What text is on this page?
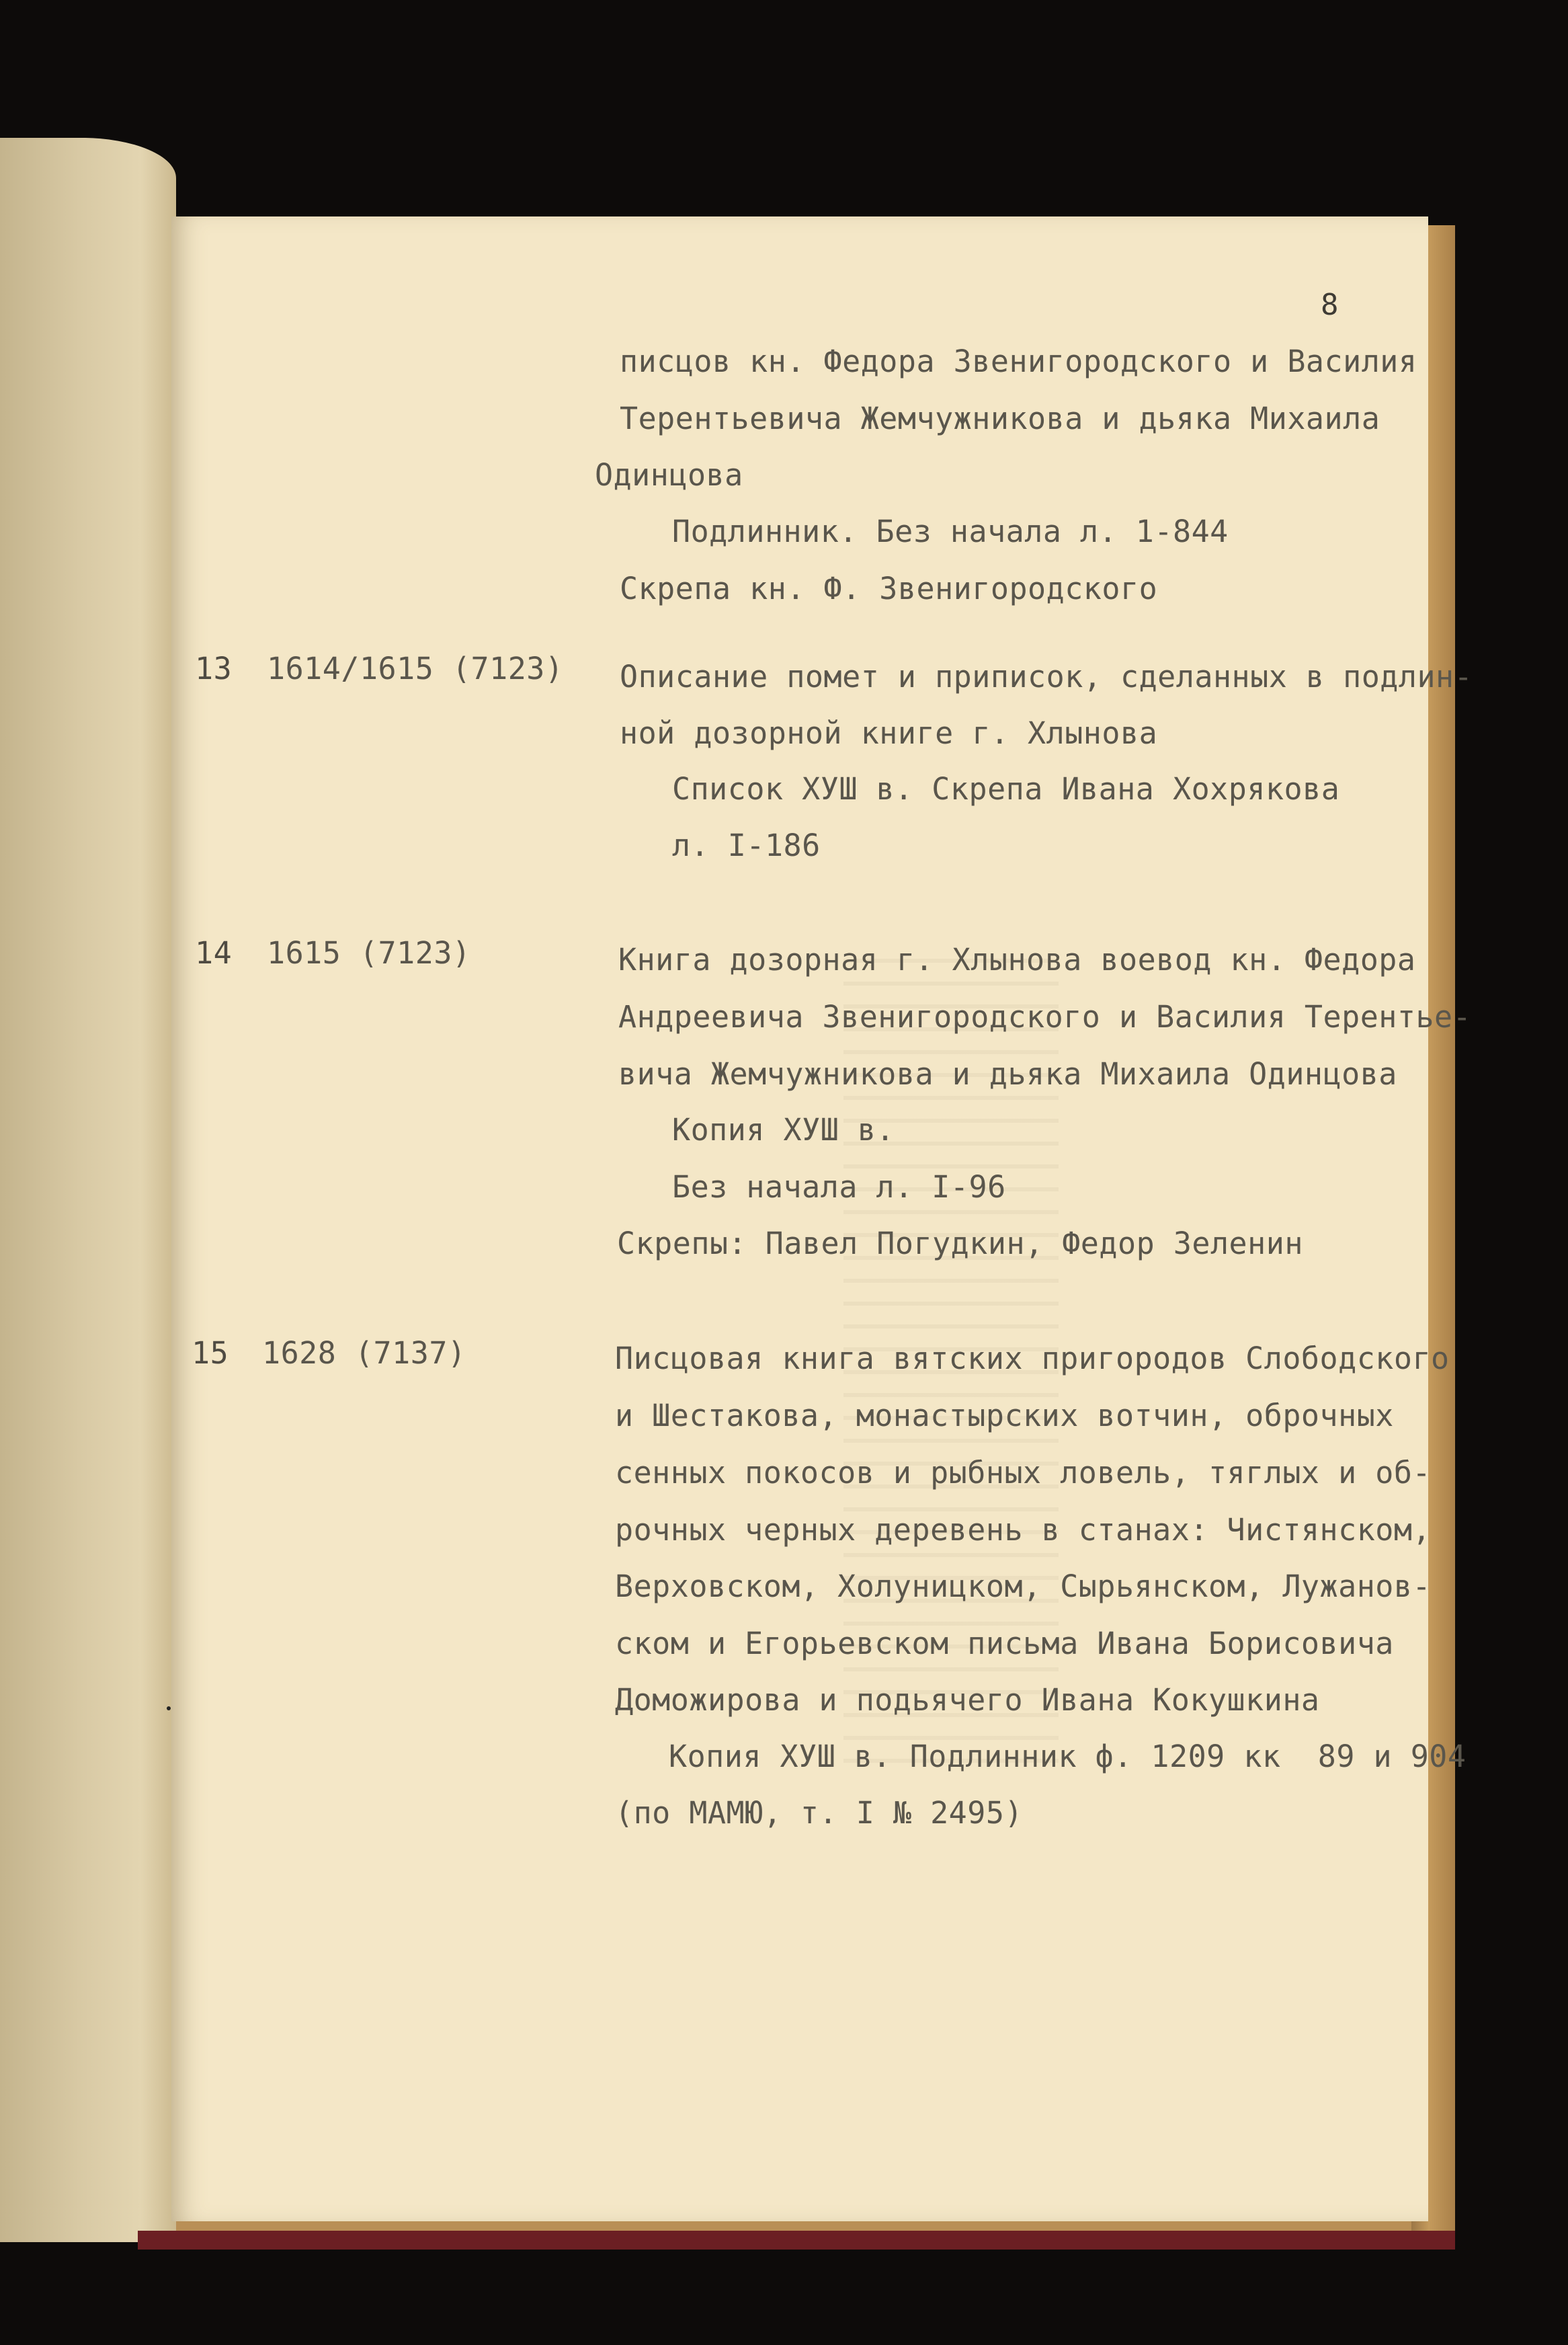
8
писцов кн. Федора Звенигородского и Василия
Терентьевича Жемчужникова и дьяка Михаила
Одинцова
Подлинник. Без начала л. 1-844
Скрепа кн. Ф. Звенигородского
13 1614/1615 (7123) Описание помет и приписок, сделанных в подлин-
ной дозорной книге г. Хлынова
Список ХУШ в. Скрепа Ивана Хохрякова
л. I-186
14 1615 (7123)	Книга дозорная г. Хлынова воевод кн. Федора
Андреевича Звенигородского и Василия Терентье-
вича Жемчужникова и дьяка Михаила Одинцова
Копия ХУШ в.
Без начала л. I-96
Скрепы: Павел Погудкин, Федор Зеленин
15 1628 (7137)	Писцовая книга вятских пригородов Слободского
и Шестакова, монастырских вотчин, оброчных
сенных покосов и рыбных ловель, тяглых и об-
рочных черных деревень в станах: Чистянском,
Верховском, Холуницком, Сырьянском, Лужанов-
ском и Егорьевском письма Ивана Борисовича
Доможирова и подьячего Ивана Кокушкина
Копия ХУШ в. Подлинник ф. 1209 кк  89 и 904
(по МАМЮ, т. I № 2495)
